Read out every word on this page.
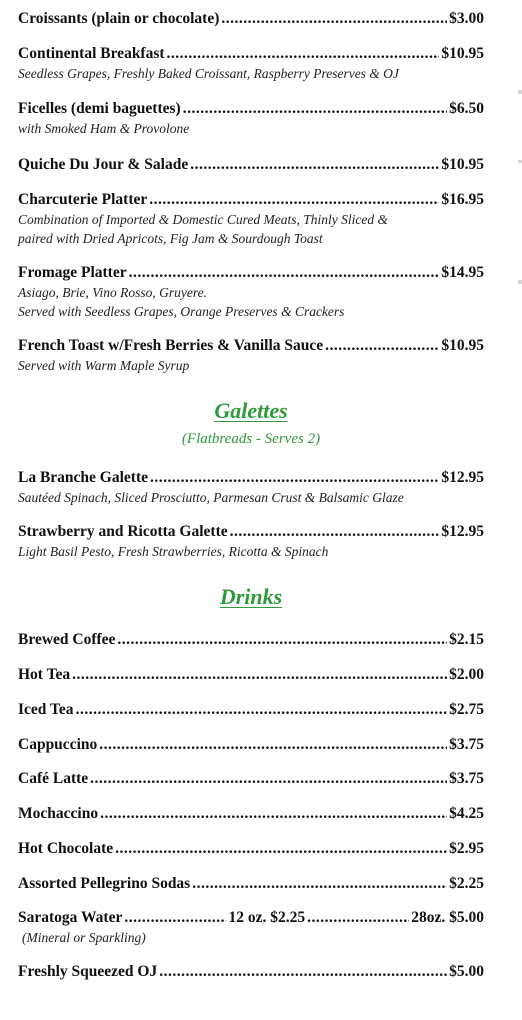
Croissants (plain or chocolate) .....	$3.00
Continental Breakfast .....	$10.95
Seedless Grapes, Freshly Baked Croissant, Raspberry Preserves & OJ
Ficelles (demi baguettes) .....	$6.50
with Smoked Ham & Provolone
Quiche Du Jour & Salade .....	$10.95
Charcuterie Platter .....	$16.95
Combination of Imported & Domestic Cured Meats, Thinly Sliced &
paired with Dried Apricots, Fig Jam & Sourdough Toast
Fromage Platter .....	$14.95
Asiago, Brie, Vino Rosso, Gruyere.
Served with Seedless Grapes, Orange Preserves & Crackers
French Toast w/Fresh Berries & Vanilla Sauce .....	$10.95
Served with Warm Maple Syrup
Galettes
(Flatbreads - Serves 2)
La Branche Galette .....	$12.95
Sautéed Spinach, Sliced Prosciutto, Parmesan Crust & Balsamic Glaze
Strawberry and Ricotta Galette .....	$12.95
Light Basil Pesto, Fresh Strawberries, Ricotta & Spinach
Drinks
Brewed Coffee .....	$2.15
Hot Tea .....	$2.00
Iced Tea .....	$2.75
Cappuccino .....	$3.75
Café Latte .....	$3.75
Mochaccino .....	$4.25
Hot Chocolate .....	$2.95
Assorted Pellegrino Sodas .....	$2.25
Saratoga Water .....	12 oz. $2.25 .....	28oz. $5.00
(Mineral or Sparkling)
Freshly Squeezed OJ .....	$5.00
